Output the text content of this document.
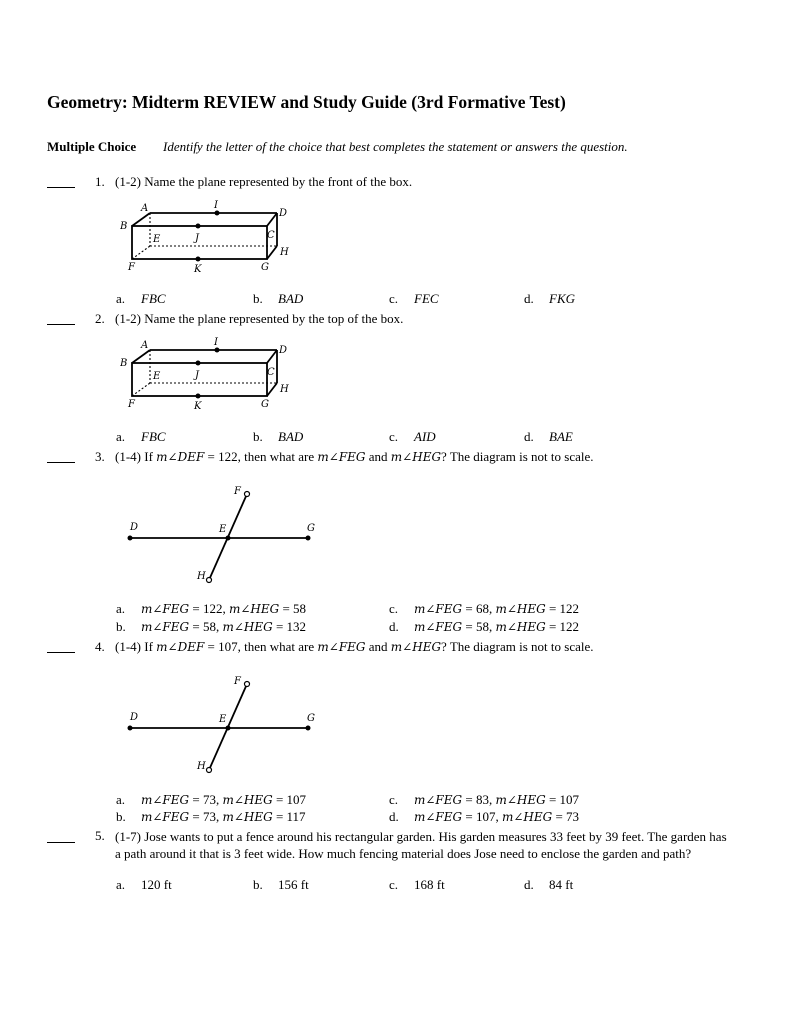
Geometry: Midterm REVIEW and Study Guide (3rd Formative Test)
Multiple Choice Identify the letter of the choice that best completes the statement or answers the question.
1. (1-2) Name the plane represented by the front of the box.
A
B
C
D
E
F	G
H
I
J
K
a. FBC	b. BAD	c. FEC	d. FKG
2. (1-2) Name the plane represented by the top of the box.
A
B
C
D
E
F	G
H
I
J
K
a. FBC	b. BAD	c. AID	d. BAE
3. (1-4) If m∠DEF = 122, then what are m∠FEG and m∠HEG? The diagram is not to scale.
D	E
F
G
H
a. m∠FEG = 122, m∠HEG = 58
b. m∠FEG = 58, m∠HEG = 132
c. m∠FEG = 68, m∠HEG = 122
d. m∠FEG = 58, m∠HEG = 122
4. (1-4) If m∠DEF = 107, then what are m∠FEG and m∠HEG? The diagram is not to scale.
D	E
F
G
H
a. m∠FEG = 73, m∠HEG = 107
b. m∠FEG = 73, m∠HEG = 117
c. m∠FEG = 83, m∠HEG = 107
d. m∠FEG = 107, m∠HEG = 73
5. (1-7) Jose wants to put a fence around his rectangular garden. His garden measures 33 feet by 39 feet. The garden has a path around it that is 3 feet wide. How much fencing material does Jose need to enclose the garden and path?
a. 120 ft	b. 156 ft	c. 168 ft	d. 84 ft
